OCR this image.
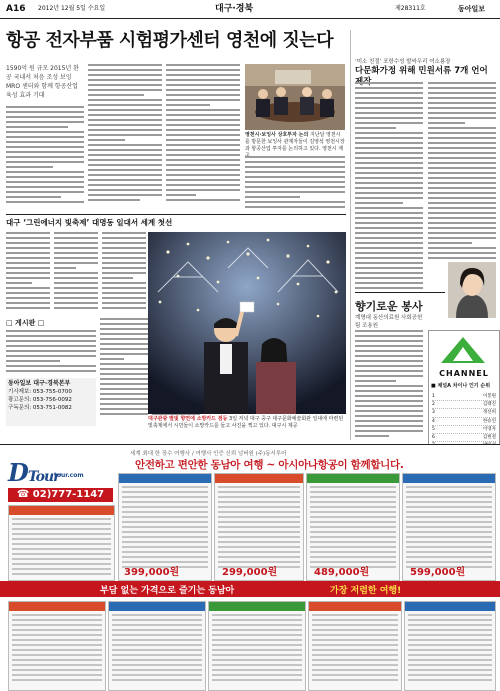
A16 2012년 12월 5일 수요일	대구·경북	제28311호	동아일보
항공 전자부품 시험평가센터 영천에 짓는다
1590억 원 규모 2015년 완공 국내서 처음 조성 보잉 MRO 센터와 함께 항공산업 육성 효과 기대
영천시·보잉사 상호투자 논의 지난달 영천시를 방문한 보잉사 관계자들이 김영석 영천시장과 항공산업 투자를 논의하고 있다. 영천시 제
대구 ‘그린에너지 빛축제’ 대명동 일대서 세계 첫선
□ 게시판 □
동아일보 대구·경북본부
기사제보: 053-755-0700
광고문의: 053-756-0092
구독문의: 053-751-0082
대구관광 별빛 향연에 소망카드 점등 3일 저녁 대구 중구 대구문화예술회관 일대에 마련된 빛축제에서 시민들이 소망카드를 들고 사진을 찍고 있다. 대구시 제공
‘미소 친절’ 포항수성 발싸우리 여소룡장
다문화가정 위해 민원서류 7개 언어
향기로운 봉사
계명대 동산의료원 사회공헌팀 조용원
CHANNEL
■ 채널A 차이나 인기 순위
1	이봉원
2	김태진
3	정선희
4	한승연
5	이영자
6	김현철
세계 최대 한 장수 여행사 / 여행사 인증 신뢰 넘버원 (주)동서투어
안전하고 편안한 동남아 여행 ~ 아시아나항공이 함께합니다.
DTour
tour.com
☎ 02)777-1147
399,000원	299,000원	489,000원	599,000원
부담 없는 가격으로 즐기는 동남아	가장 저렴한 여행!
